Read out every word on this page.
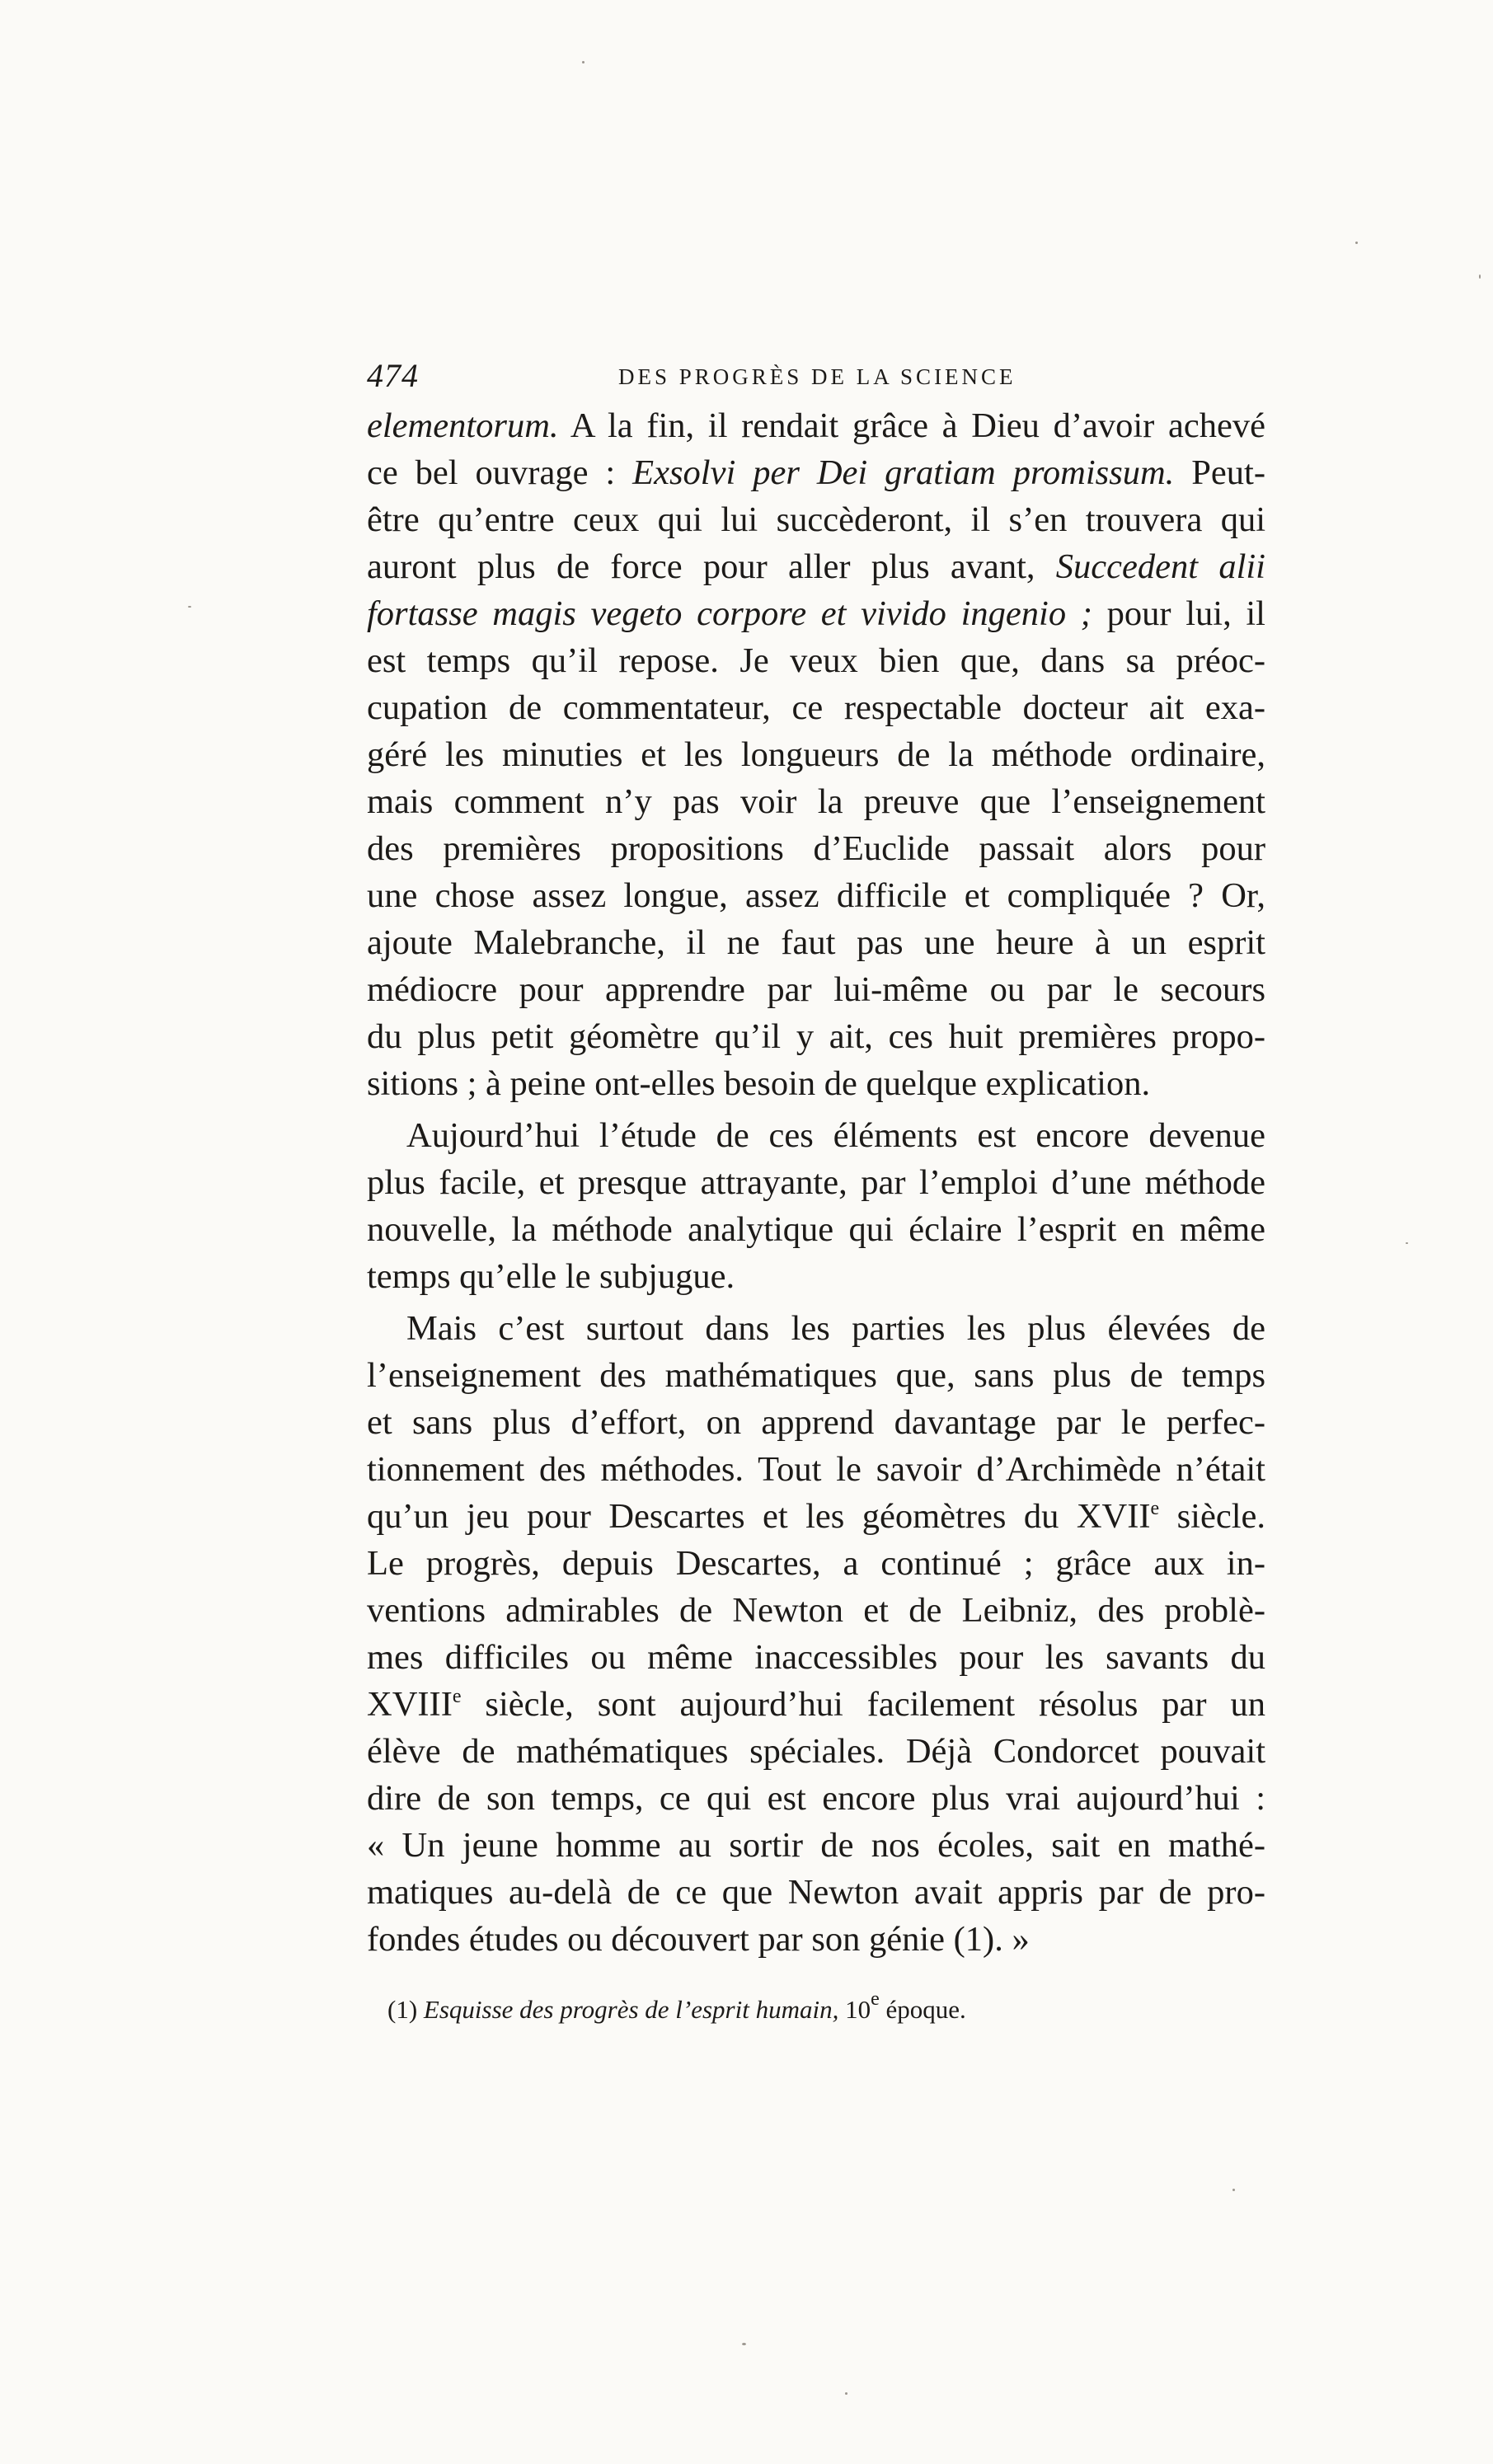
474	DES PROGRÈS DE LA SCIENCE
elementorum. A la fin, il rendait grâce à Dieu d’avoir achevé
ce bel ouvrage : Exsolvi per Dei gratiam promissum. Peut-
être qu’entre ceux qui lui succèderont, il s’en trouvera qui
auront plus de force pour aller plus avant, Succedent alii
fortasse magis vegeto corpore et vivido ingenio ; pour lui, il
est temps qu’il repose. Je veux bien que, dans sa préoc-
cupation de commentateur, ce respectable docteur ait exa-
géré les minuties et les longueurs de la méthode ordinaire,
mais comment n’y pas voir la preuve que l’enseignement
des premières propositions d’Euclide passait alors pour
une chose assez longue, assez difficile et compliquée ? Or,
ajoute Malebranche, il ne faut pas une heure à un esprit
médiocre pour apprendre par lui-même ou par le secours
du plus petit géomètre qu’il y ait, ces huit premières propo-
sitions ; à peine ont-elles besoin de quelque explication.
Aujourd’hui l’étude de ces éléments est encore devenue
plus facile, et presque attrayante, par l’emploi d’une méthode
nouvelle, la méthode analytique qui éclaire l’esprit en même
temps qu’elle le subjugue.
Mais c’est surtout dans les parties les plus élevées de
l’enseignement des mathématiques que, sans plus de temps
et sans plus d’effort, on apprend davantage par le perfec-
tionnement des méthodes. Tout le savoir d’Archimède n’était
qu’un jeu pour Descartes et les géomètres du XVIIe siècle.
Le progrès, depuis Descartes, a continué ; grâce aux in-
ventions admirables de Newton et de Leibniz, des problè-
mes difficiles ou même inaccessibles pour les savants du
XVIIIe siècle, sont aujourd’hui facilement résolus par un
élève de mathématiques spéciales. Déjà Condorcet pouvait
dire de son temps, ce qui est encore plus vrai aujourd’hui :
« Un jeune homme au sortir de nos écoles, sait en mathé-
matiques au-delà de ce que Newton avait appris par de pro-
fondes études ou découvert par son génie (1). »
(1) Esquisse des progrès de l’esprit humain, 10e époque.
